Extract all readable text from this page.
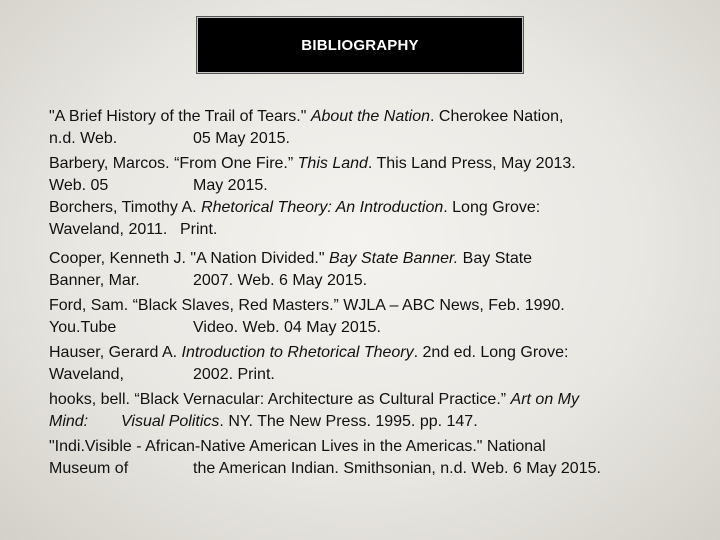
BIBLIOGRAPHY

"A Brief History of the Trail of Tears." About the Nation. Cherokee Nation,
n.d. Web.	05 May 2015.

Barbery, Marcos. “From One Fire.” This Land. This Land Press, May 2013.
Web. 05	May 2015.

Borchers, Timothy A. Rhetorical Theory: An Introduction. Long Grove:
Waveland, 2011. Print.

Cooper, Kenneth J. "A Nation Divided." Bay State Banner. Bay State
Banner, Mar.	2007. Web. 6 May 2015.

Ford, Sam. “Black Slaves, Red Masters.” WJLA – ABC News, Feb. 1990.
You.Tube	Video. Web. 04 May 2015.

Hauser, Gerard A. Introduction to Rhetorical Theory. 2nd ed. Long Grove:
Waveland,	2002. Print.

hooks, bell. “Black Vernacular: Architecture as Cultural Practice.” Art on My
Mind: Visual Politics. NY. The New Press. 1995. pp. 147.

"Indi.Visible - African-Native American Lives in the Americas." National
Museum of	the American Indian. Smithsonian, n.d. Web. 6 May 2015.
